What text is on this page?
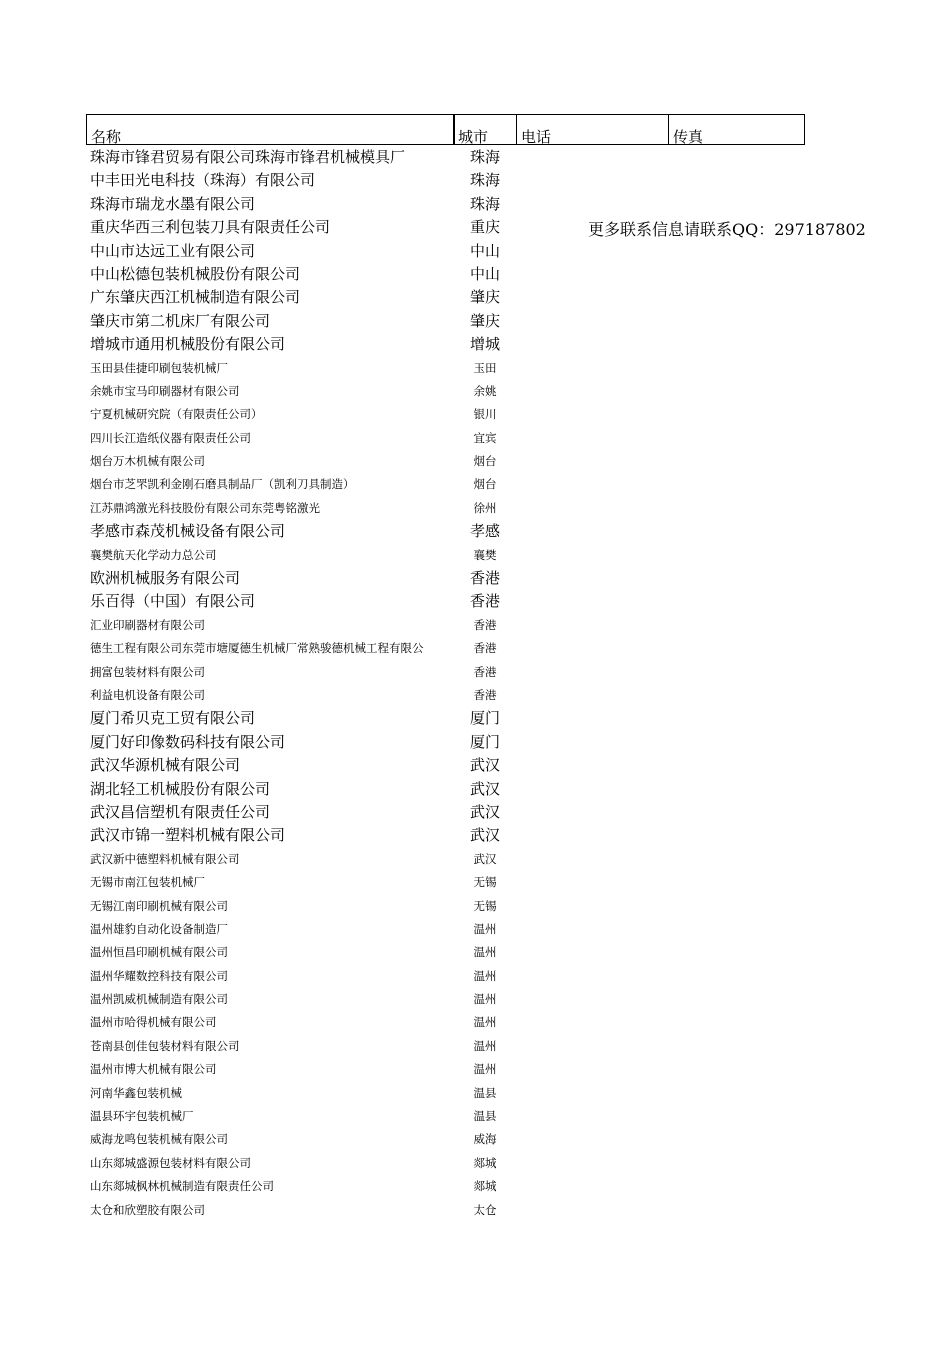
名称	城市 电话	传真
珠海市锋君贸易有限公司珠海市锋君机械模具厂	珠海
中丰田光电科技（珠海）有限公司	珠海
珠海市瑞龙水墨有限公司	珠海
重庆华西三利包装刀具有限责任公司	重庆
中山市达远工业有限公司	中山
中山松德包装机械股份有限公司	中山
广东肇庆西江机械制造有限公司	肇庆
肇庆市第二机床厂有限公司	肇庆
增城市通用机械股份有限公司	增城
玉田县佳捷印刷包装机械厂	玉田
余姚市宝马印刷器材有限公司	余姚
宁夏机械研究院（有限责任公司）	银川
四川长江造纸仪器有限责任公司	宜宾
烟台万木机械有限公司	烟台
烟台市芝罘凯利金刚石磨具制品厂（凯利刀具制造）	烟台
江苏鼎鸿激光科技股份有限公司东莞粤铭激光	徐州
孝感市森茂机械设备有限公司	孝感
襄樊航天化学动力总公司	襄樊
欧洲机械服务有限公司	香港
乐百得（中国）有限公司	香港
汇业印刷器材有限公司	香港
德生工程有限公司东莞市塘厦德生机械厂常熟骏德机械工程有限公	香港
拥富包装材料有限公司	香港
利益电机设备有限公司	香港
厦门希贝克工贸有限公司	厦门
厦门好印像数码科技有限公司	厦门
武汉华源机械有限公司	武汉
湖北轻工机械股份有限公司	武汉
武汉昌信塑机有限责任公司	武汉
武汉市锦一塑料机械有限公司	武汉
武汉新中德塑料机械有限公司	武汉
无锡市南江包装机械厂	无锡
无锡江南印刷机械有限公司	无锡
温州雄豹自动化设备制造厂	温州
温州恒昌印刷机械有限公司	温州
温州华耀数控科技有限公司	温州
温州凯威机械制造有限公司	温州
温州市哈得机械有限公司	温州
苍南县创佳包装材料有限公司	温州
温州市博大机械有限公司	温州
河南华鑫包装机械	温县
温县环宇包装机械厂	温县
威海龙鸣包装机械有限公司	威海
山东郯城盛源包装材料有限公司	郯城
山东郯城枫林机械制造有限责任公司	郯城
太仓和欣塑胶有限公司	太仓
更多联系信息请联系QQ：297187802
